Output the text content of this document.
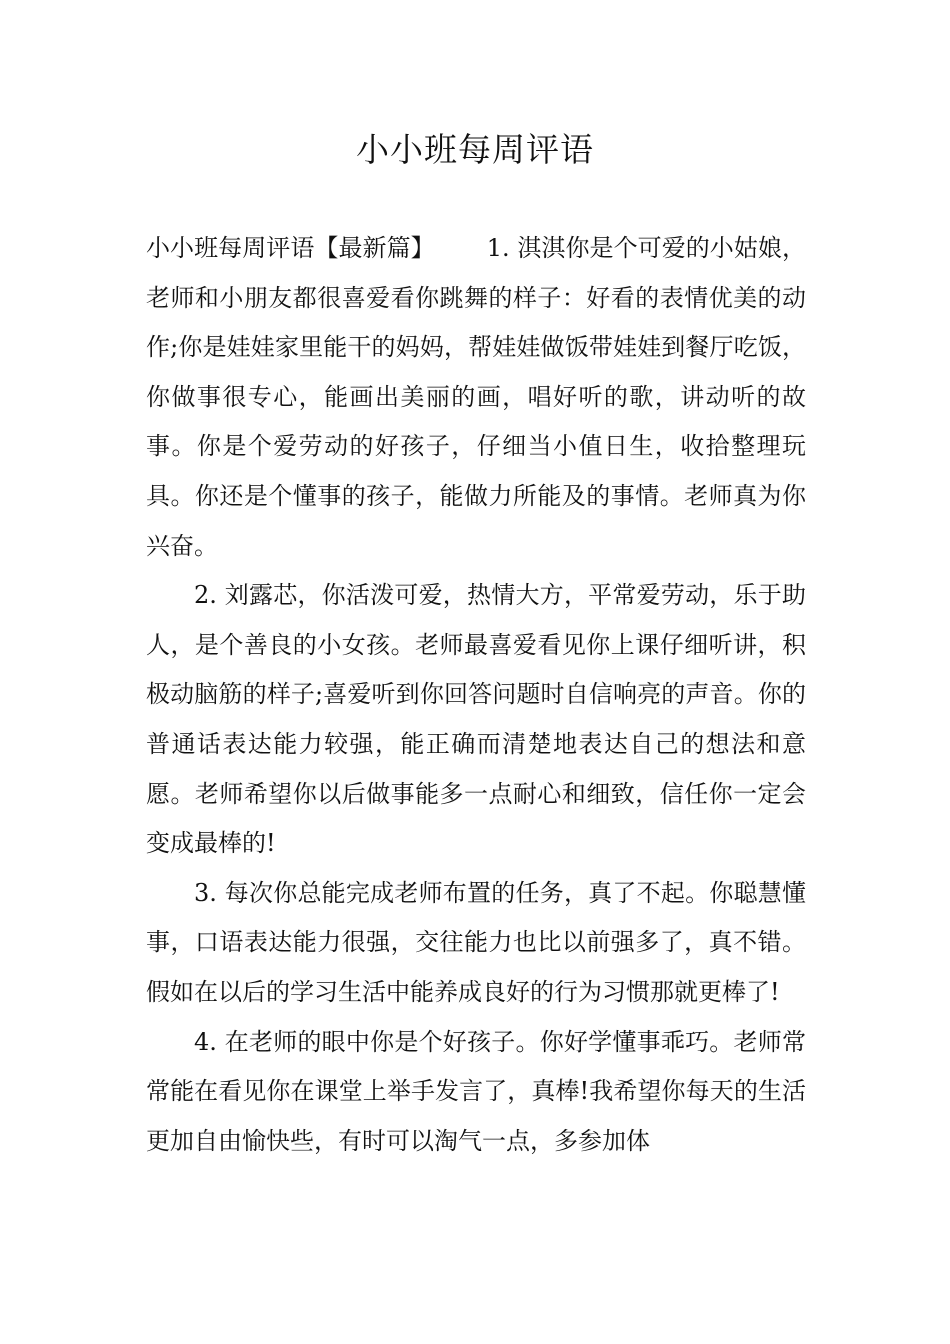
小小班每周评语

小小班每周评语【最新篇】 1. 淇淇你是个可爱的小姑娘，老师和小朋友都很喜爱看你跳舞的样子：好看的表情优美的动作;你是娃娃家里能干的妈妈，帮娃娃做饭带娃娃到餐厅吃饭，你做事很专心，能画出美丽的画，唱好听的歌，讲动听的故事。你是个爱劳动的好孩子，仔细当小值日生，收拾整理玩具。你还是个懂事的孩子，能做力所能及的事情。老师真为你兴奋。

2. 刘露芯，你活泼可爱，热情大方，平常爱劳动，乐于助人，是个善良的小女孩。老师最喜爱看见你上课仔细听讲，积极动脑筋的样子;喜爱听到你回答问题时自信响亮的声音。你的普通话表达能力较强，能正确而清楚地表达自己的想法和意愿。老师希望你以后做事能多一点耐心和细致，信任你一定会变成最棒的!

3. 每次你总能完成老师布置的任务，真了不起。你聪慧懂事，口语表达能力很强，交往能力也比以前强多了，真不错。假如在以后的学习生活中能养成良好的行为习惯那就更棒了!

4. 在老师的眼中你是个好孩子。你好学懂事乖巧。老师常常能在看见你在课堂上举手发言了，真棒!我希望你每天的生活更加自由愉快些，有时可以淘气一点，多参加体
